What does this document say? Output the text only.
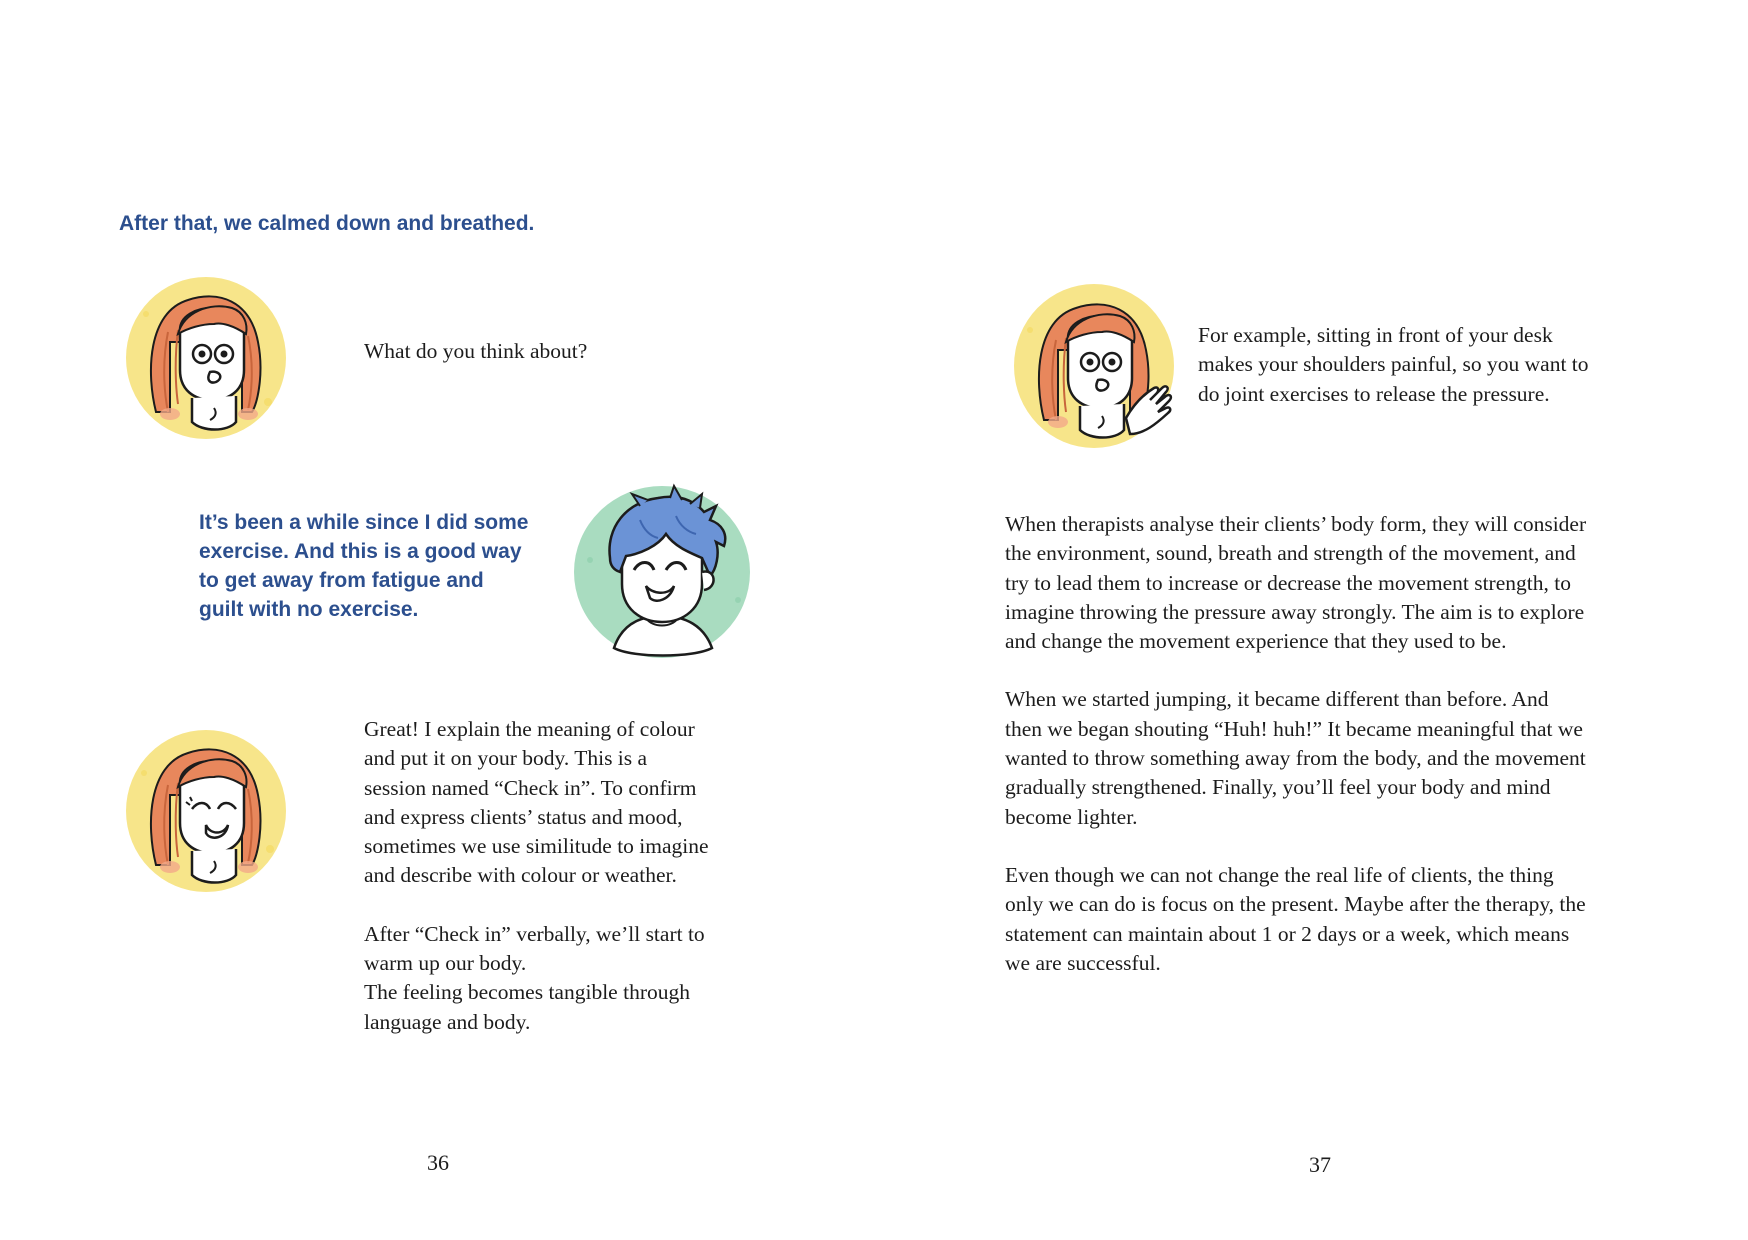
After that, we calmed down and breathed.

What do you think about?

It’s been a while since I did some
exercise. And this is a good way
to get away from fatigue and
guilt with no exercise.

Great! I explain the meaning of colour

and put it on your body. This is a

session named “Check in”. To confirm

and express clients’ status and mood,

sometimes we use similitude to imagine

and describe with colour or weather.

After “Check in” verbally, we’ll start to

warm up our body.

The feeling becomes tangible through

language and body.

36

For example, sitting in front of your desk

makes your shoulders painful, so you want to

do joint exercises to release the pressure.

When therapists analyse their clients’ body form, they will consider

the environment, sound, breath and strength of the movement, and

try to lead them to increase or decrease the movement strength, to

imagine throwing the pressure away strongly. The aim is to explore

and change the movement experience that they used to be.

When we started jumping, it became different than before. And

then we began shouting “Huh! huh!” It became meaningful that we

wanted to throw something away from the body, and the movement

gradually strengthened. Finally, you’ll feel your body and mind

become lighter.

Even though we can not change the real life of clients, the thing

only we can do is focus on the present. Maybe after the therapy, the

statement can maintain about 1 or 2 days or a week, which means

we are successful.

37
